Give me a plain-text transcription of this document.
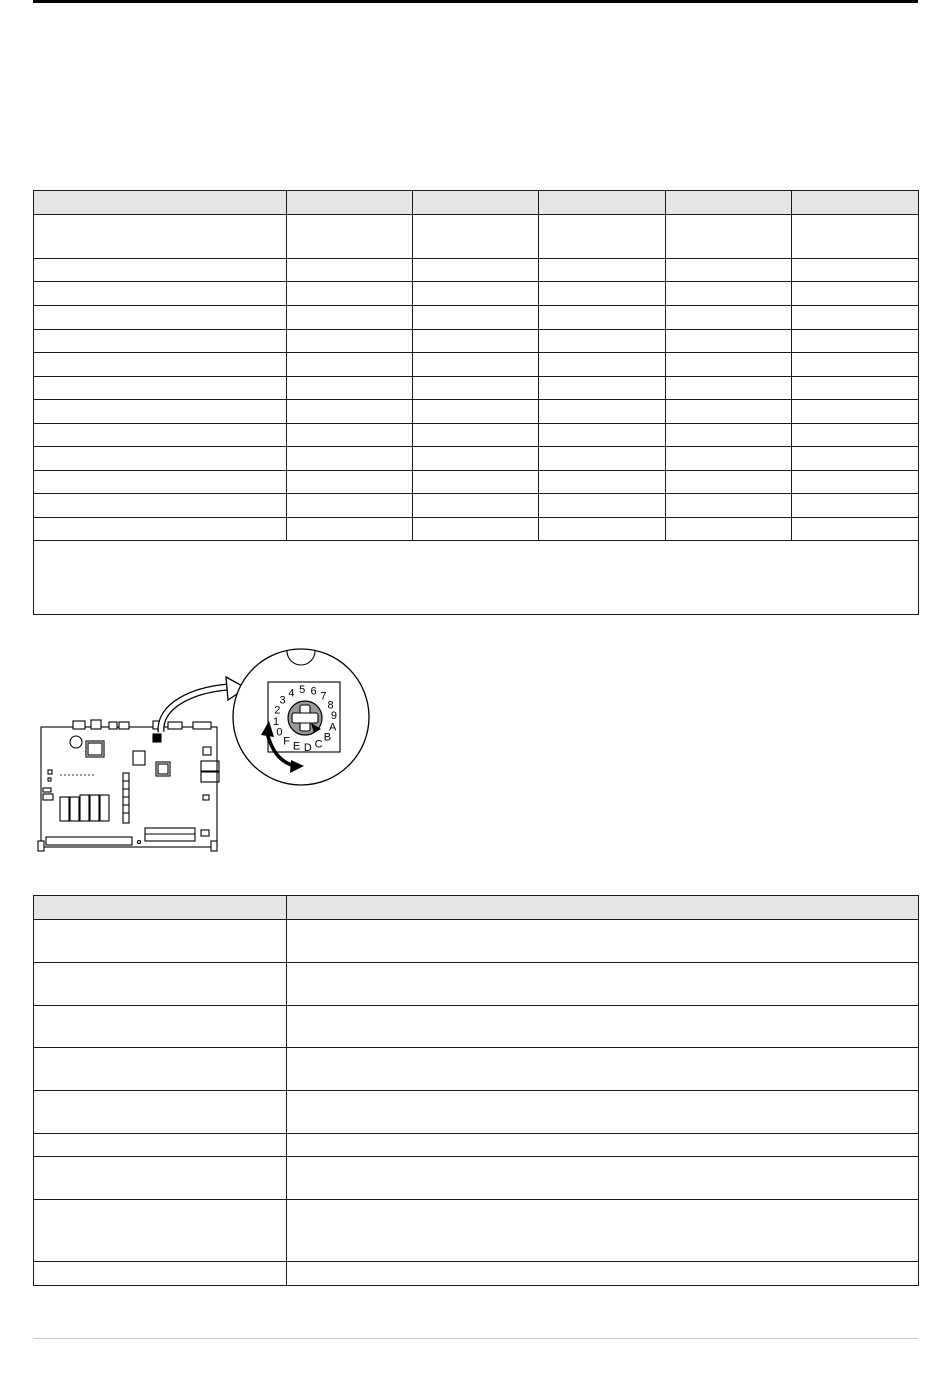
0
1
2
3
4 5 6 7
8
9
A
B
C
D
E
F
